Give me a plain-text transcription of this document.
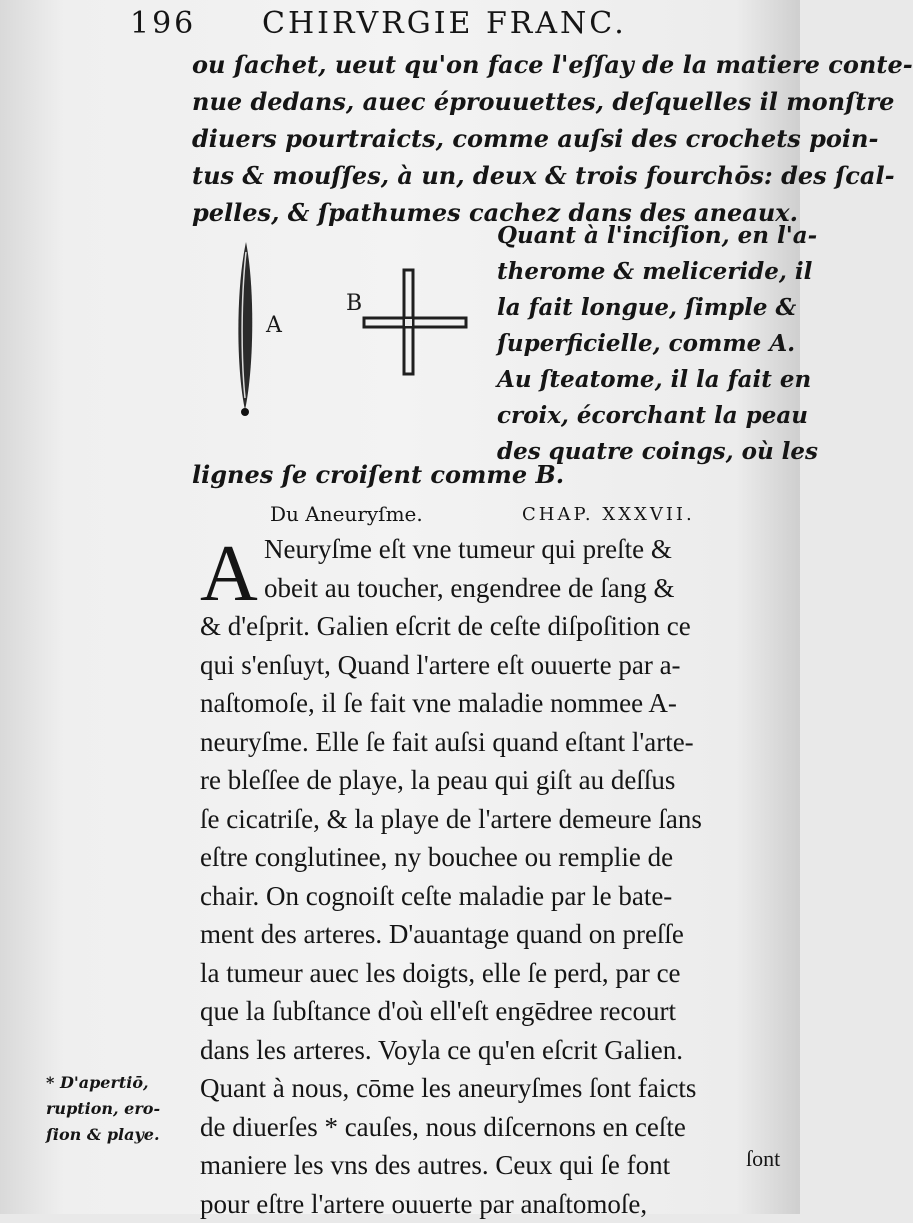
196 CHIRVRGIE FRANC.
ou ſachet, ueut qu'on face l'eſſay de la matiere conte-
nue dedans, auec éprouuettes, deſquelles il monſtre
diuers pourtraicts, comme auſsi des crochets poin-
tus & mouſſes, à un, deux & trois fourchōs: des ſcal-
pelles, & ſpathumes cachez dans des aneaux.
A
B
Quant à l'inciſion, en l'a-
therome & meliceride, il
la fait longue, ſimple &
ſuperficielle, comme A.
Au ſteatome, il la fait en
croix, écorchant la peau
des quatre coings, où les
lignes ſe croiſent comme B.
Du Aneuryſme.	CHAP. XXXVII.
A Neuryſme eſt vne tumeur qui preſte &
obeit au toucher, engendree de ſang &
& d'eſprit. Galien eſcrit de ceſte diſpoſition ce
qui s'enſuyt, Quand l'artere eſt ouuerte par a-
naſtomoſe, il ſe fait vne maladie nommee A-
neuryſme. Elle ſe fait auſsi quand eſtant l'arte-
re bleſſee de playe, la peau qui giſt au deſſus
ſe cicatriſe, & la playe de l'artere demeure ſans
eſtre conglutinee, ny bouchee ou remplie de
chair. On cognoiſt ceſte maladie par le bate-
ment des arteres. D'auantage quand on preſſe
la tumeur auec les doigts, elle ſe perd, par ce
que la ſubſtance d'où ell'eſt engēdree recourt
dans les arteres. Voyla ce qu'en eſcrit Galien.
Quant à nous, cōme les aneuryſmes ſont faicts
de diuerſes * cauſes, nous diſcernons en ceſte
maniere les vns des autres. Ceux qui ſe font
pour eſtre l'artere ouuerte par anaſtomoſe,
* D'apertiō,
ruption, ero-
ſion & playe.
ſont
